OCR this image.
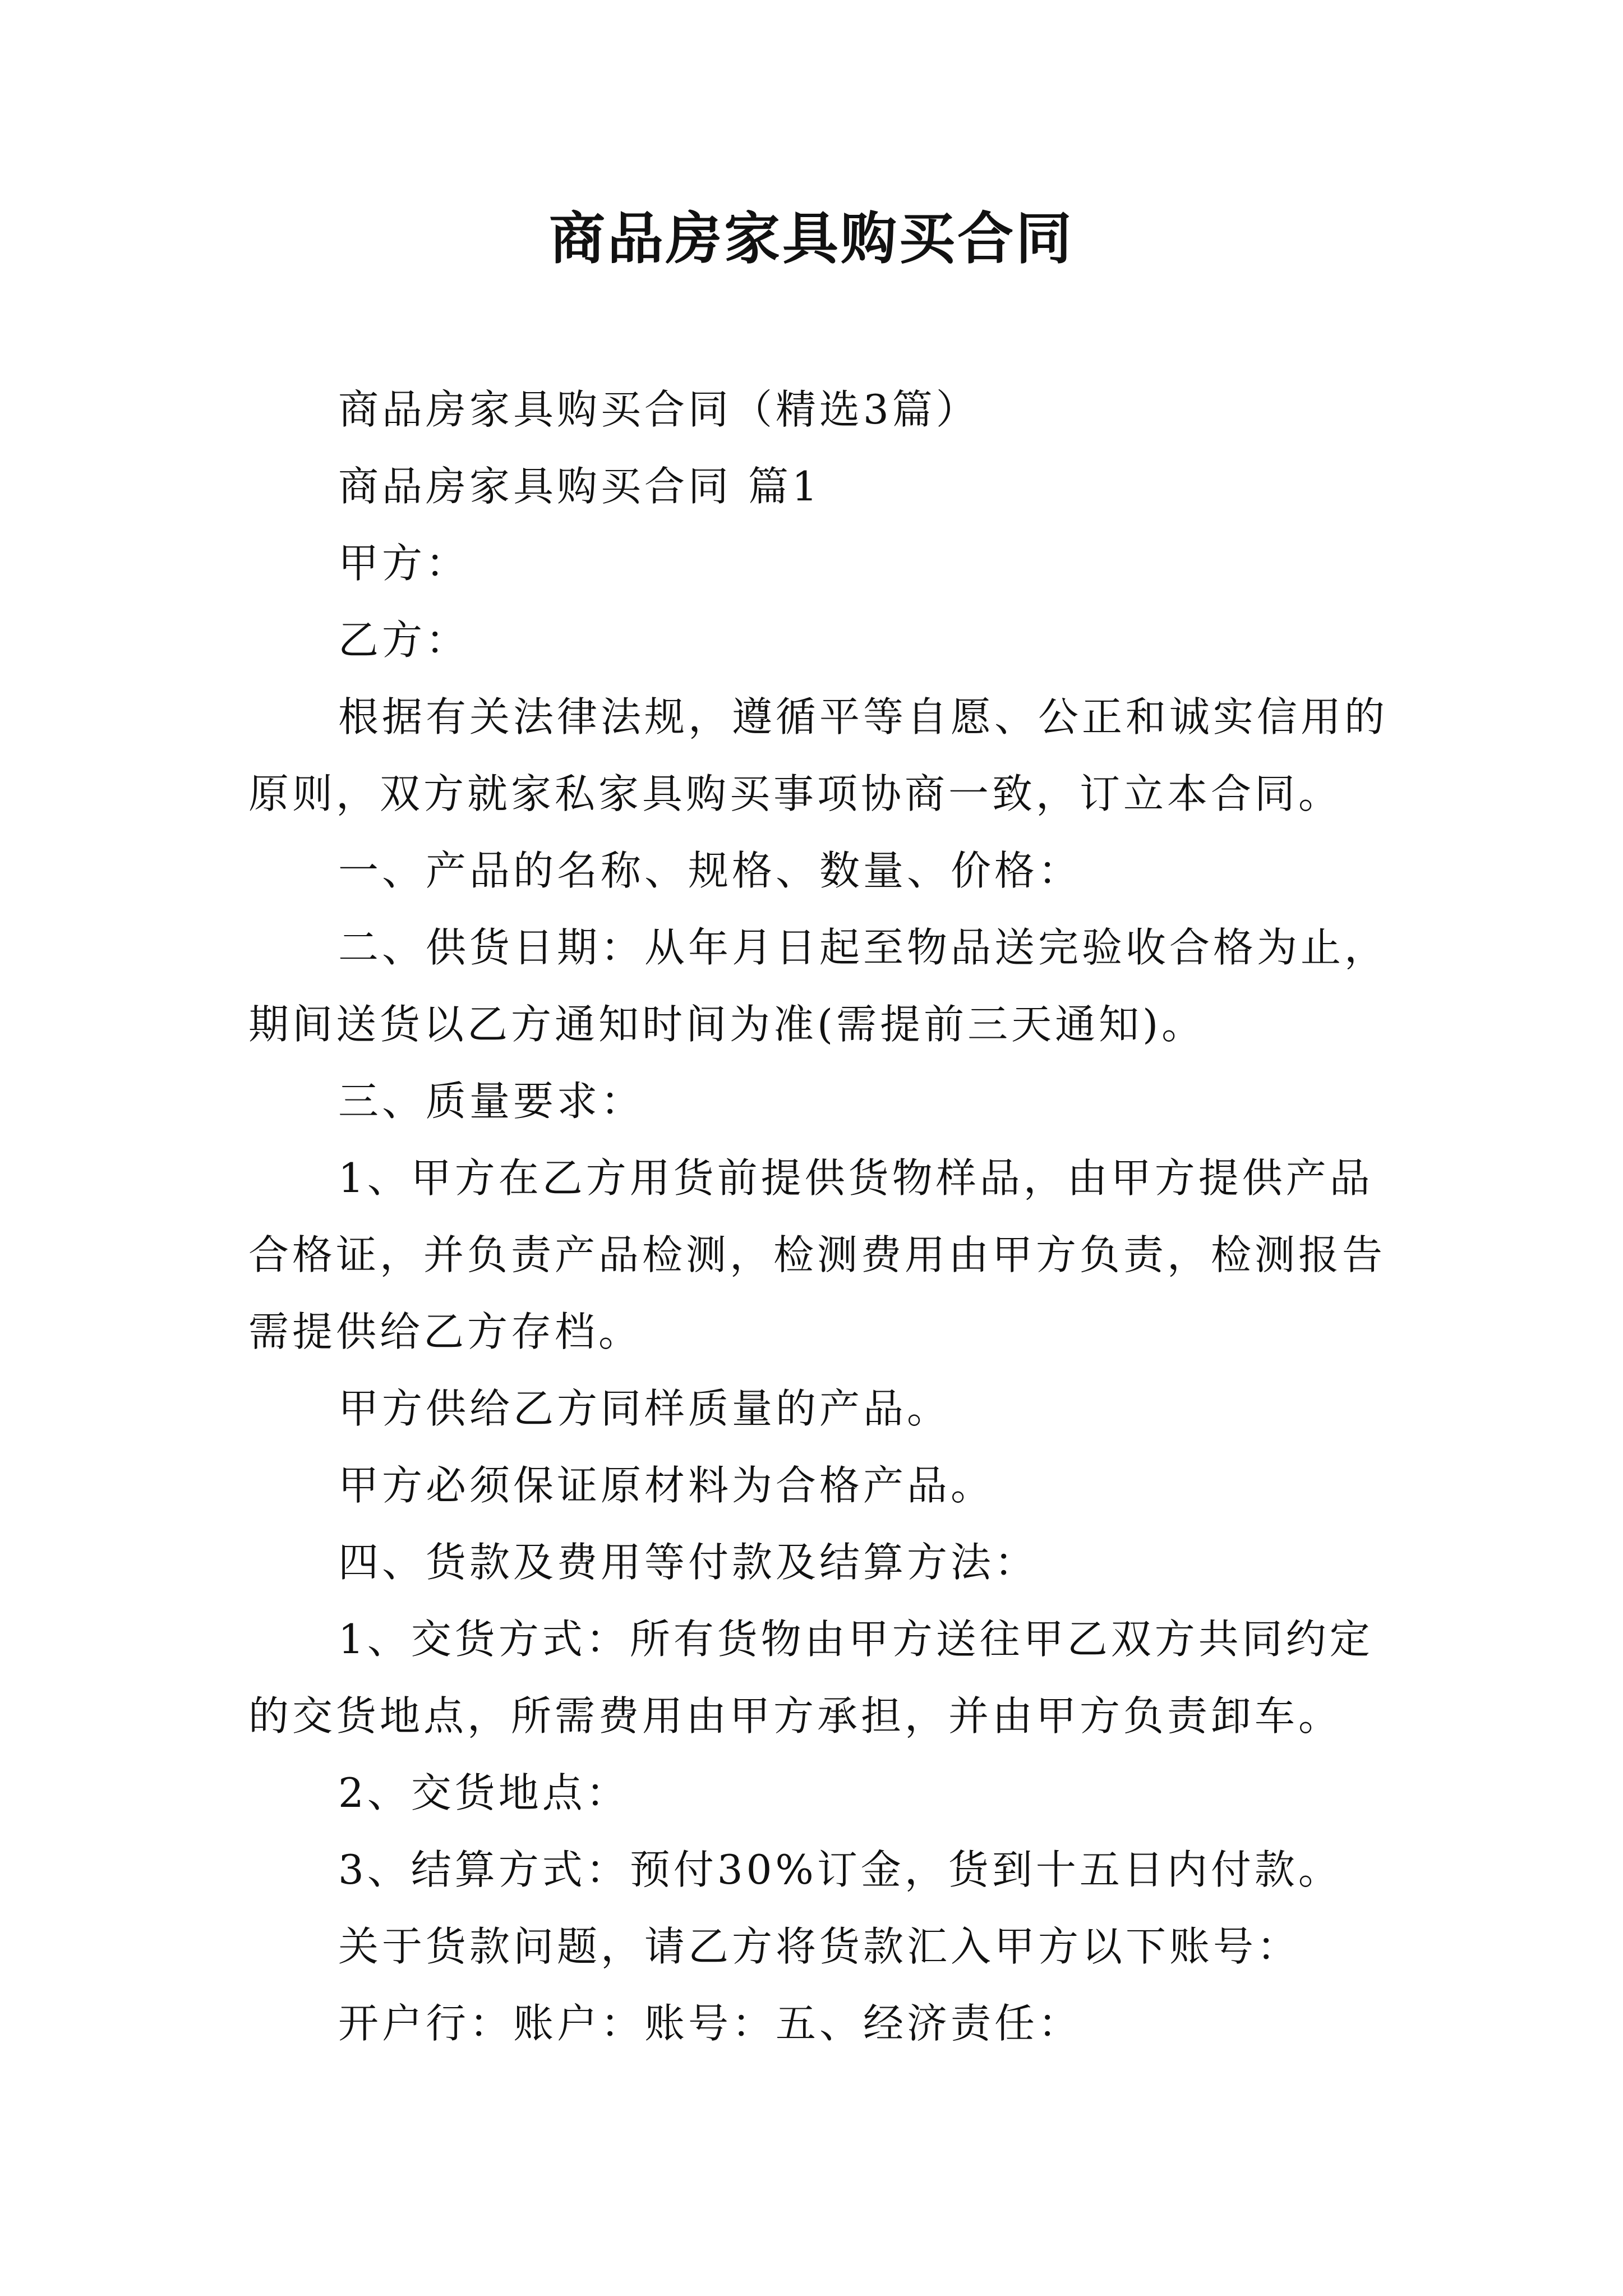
商品房家具购买合同

商品房家具购买合同（精选3篇）

商品房家具购买合同 篇1

甲方：

乙方：

根据有关法律法规，遵循平等自愿、公正和诚实信用的原则，双方就家私家具购买事项协商一致，订立本合同。

一、产品的名称、规格、数量、价格：

二、供货日期：从年月日起至物品送完验收合格为止，期间送货以乙方通知时间为准(需提前三天通知)。

三、质量要求：

1、甲方在乙方用货前提供货物样品，由甲方提供产品合格证，并负责产品检测，检测费用由甲方负责，检测报告需提供给乙方存档。

甲方供给乙方同样质量的产品。

甲方必须保证原材料为合格产品。

四、货款及费用等付款及结算方法：

1、交货方式：所有货物由甲方送往甲乙双方共同约定的交货地点，所需费用由甲方承担，并由甲方负责卸车。

2、交货地点：

3、结算方式：预付30%订金，货到十五日内付款。

关于货款问题，请乙方将货款汇入甲方以下账号：

开户行：账户：账号：五、经济责任：
